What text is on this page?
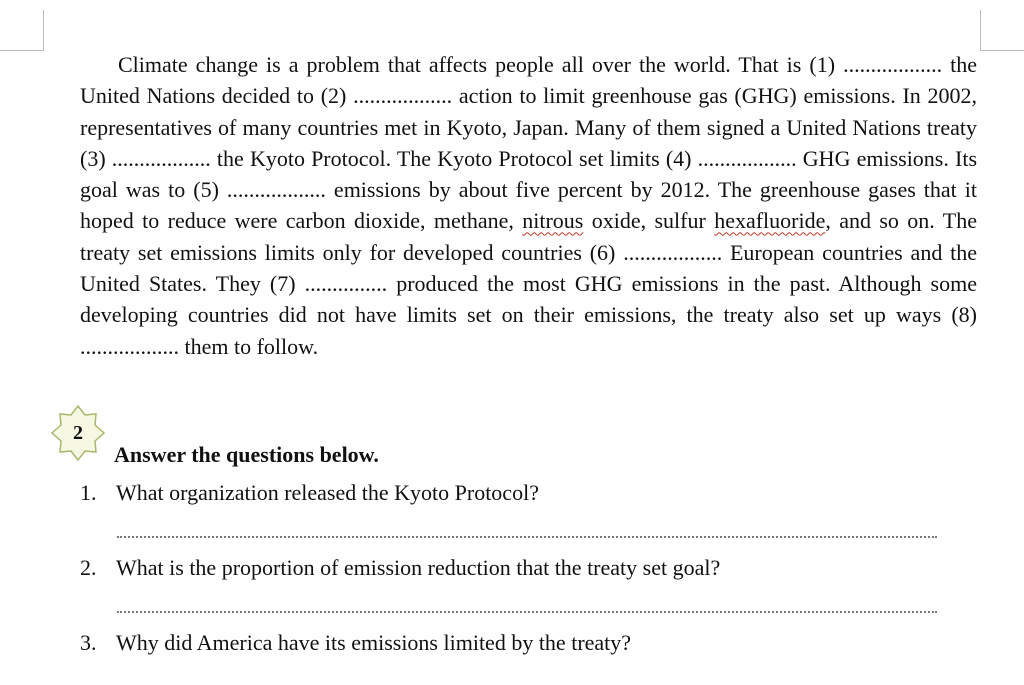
Climate change is a problem that affects people all over the world. That is (1) .................. the United Nations decided to (2) .................. action to limit greenhouse gas (GHG) emissions. In 2002, representatives of many countries met in Kyoto, Japan. Many of them signed a United Nations treaty (3) .................. the Kyoto Protocol. The Kyoto Protocol set limits (4) .................. GHG emissions. Its goal was to (5) .................. emissions by about five percent by 2012. The greenhouse gases that it hoped to reduce were carbon dioxide, methane, nitrous oxide, sulfur hexafluoride, and so on. The treaty set emissions limits only for developed countries (6) .................. European countries and the United States. They (7) ............... produced the most GHG emissions in the past. Although some developing countries did not have limits set on their emissions, the treaty also set up ways (8) .................. them to follow.

2
Answer the questions below.
1. What organization released the Kyoto Protocol?
2. What is the proportion of emission reduction that the treaty set goal?
3. Why did America have its emissions limited by the treaty?
